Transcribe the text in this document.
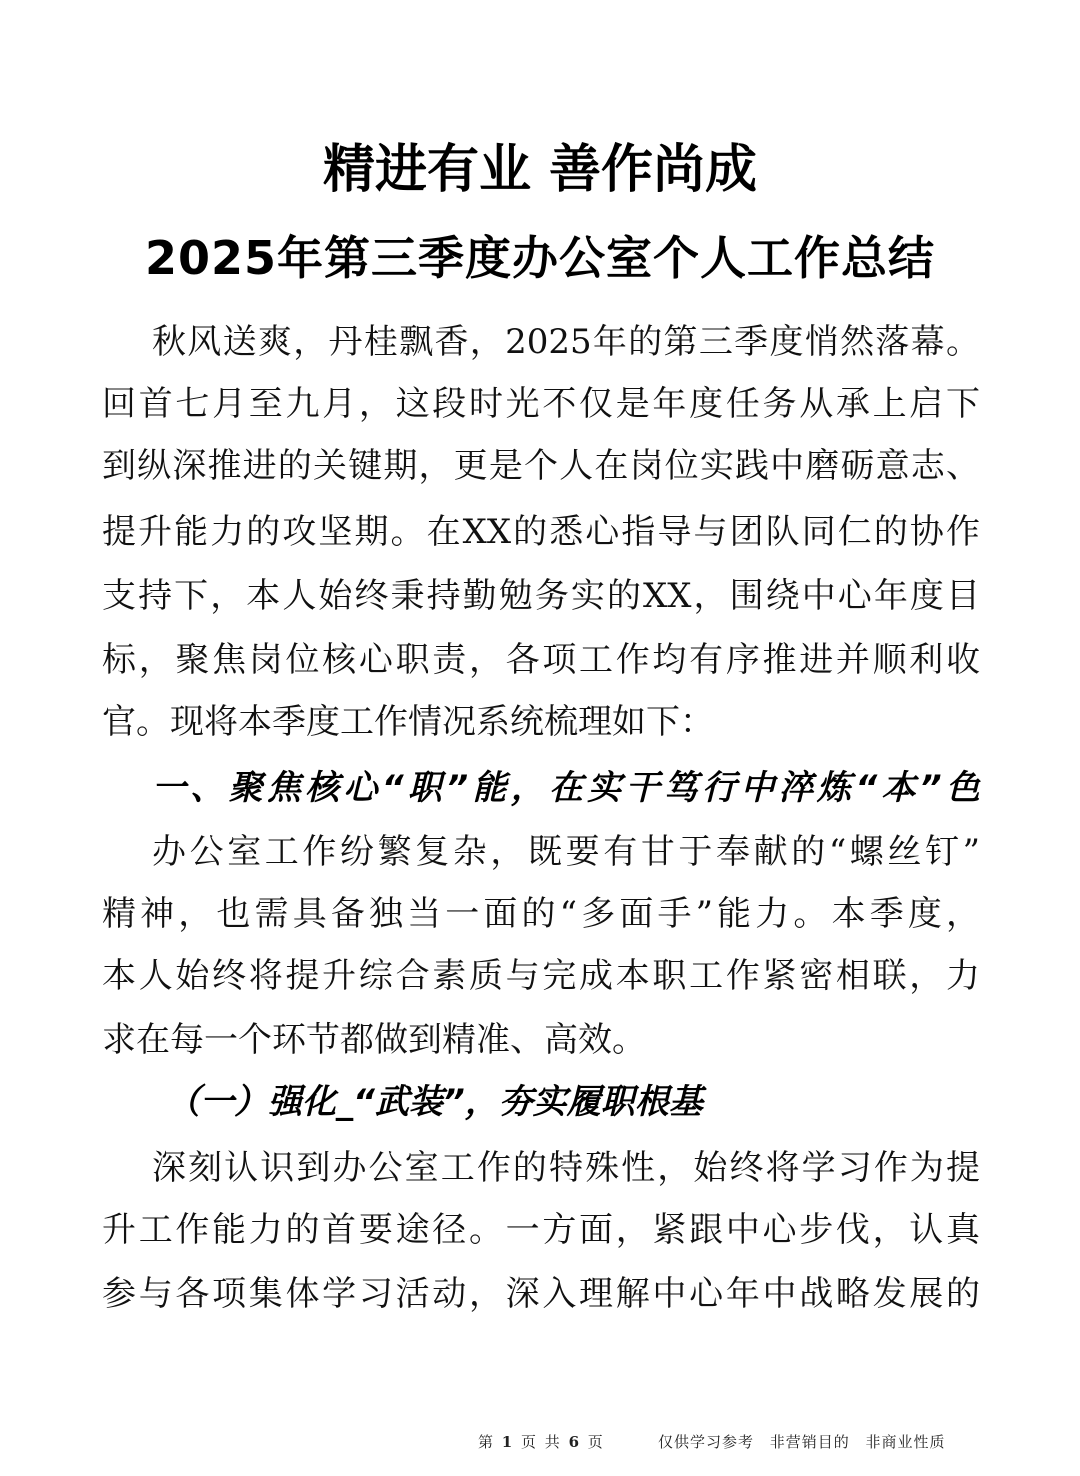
精进有业 善作尚成
2025年第三季度办公室个人工作总结
秋风送爽，丹桂飘香，2025年的第三季度悄然落幕。
回首七月至九月，这段时光不仅是年度任务从承上启下
到纵深推进的关键期，更是个人在岗位实践中磨砺意志、
提升能力的攻坚期。在XX的悉心指导与团队同仁的协作
支持下，本人始终秉持勤勉务实的XX，围绕中心年度目
标，聚焦岗位核心职责，各项工作均有序推进并顺利收
官。现将本季度工作情况系统梳理如下：
一、聚焦核心“职”能，在实干笃行中淬炼“本”色
办公室工作纷繁复杂，既要有甘于奉献的“螺丝钉”
精神，也需具备独当一面的“多面手”能力。本季度，
本人始终将提升综合素质与完成本职工作紧密相联，力
求在每一个环节都做到精准、高效。
（一）强化_“武装”，夯实履职根基
深刻认识到办公室工作的特殊性，始终将学习作为提
升工作能力的首要途径。一方面，紧跟中心步伐，认真
参与各项集体学习活动，深入理解中心年中战略发展的
第 1 页 共 6 页	仅供学习参考 非营销目的 非商业性质
